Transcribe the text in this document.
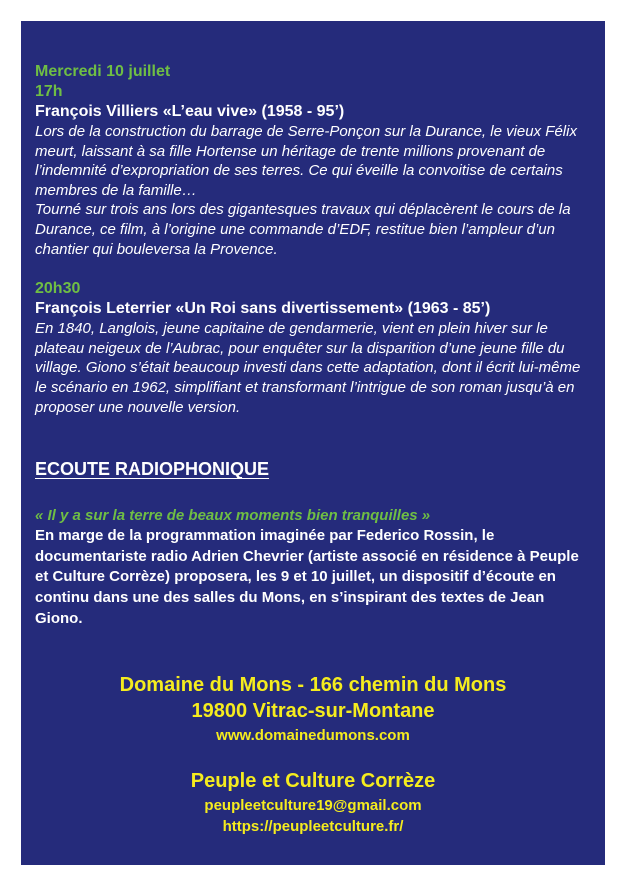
Mercredi 10 juillet
17h
François Villiers «L’eau vive» (1958 - 95’)

Lors de la construction du barrage de Serre-Ponçon sur la Durance, le vieux Félix meurt, laissant à sa fille Hortense un héritage de trente millions provenant de l’indemnité d’expropriation de ses terres. Ce qui éveille la convoitise de certains membres de la famille…

Tourné sur trois ans lors des gigantesques travaux qui déplacèrent le cours de la Durance, ce film, à l’origine une commande d’EDF, restitue bien l’ampleur d’un chantier qui bouleversa la Provence.

20h30
François Leterrier «Un Roi sans divertissement» (1963 - 85’)

En 1840, Langlois, jeune capitaine de gendarmerie, vient en plein hiver sur le plateau neigeux de l’Aubrac, pour enquêter sur la disparition d’une jeune fille du village. Giono s’était beaucoup investi dans cette adaptation, dont il écrit lui-même le scénario en 1962, simplifiant et transformant l’intrigue de son roman jusqu’à en proposer une nouvelle version.

ECOUTE RADIOPHONIQUE
« Il y a sur la terre de beaux moments bien tranquilles »

En marge de la programmation imaginée par Federico Rossin, le documentariste radio Adrien Chevrier (artiste associé en résidence à Peuple et Culture Corrèze) proposera, les 9 et 10 juillet, un dispositif d’écoute en continu dans une des salles du Mons, en s’inspirant des textes de Jean Giono.

Domaine du Mons - 166 chemin du Mons
19800 Vitrac-sur-Montane
www.domainedumons.com
Peuple et Culture Corrèze
peupleetculture19@gmail.com
https://peupleetculture.fr/
